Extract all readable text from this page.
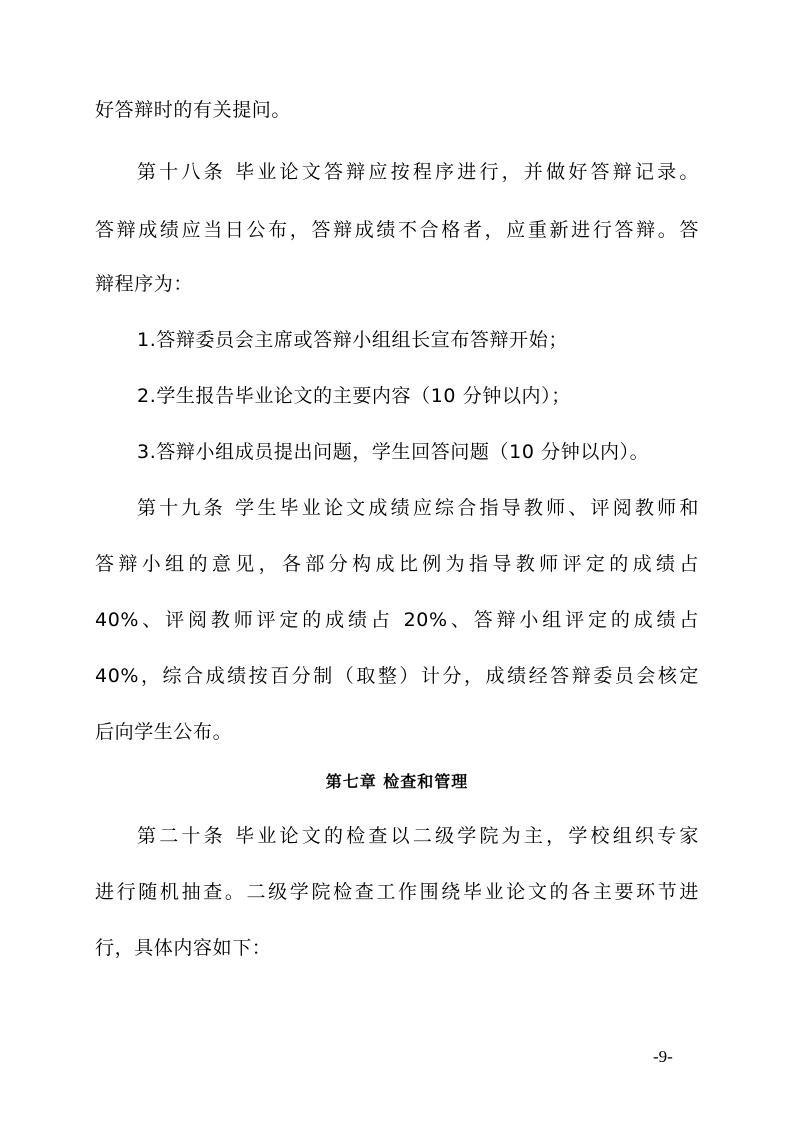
好答辩时的有关提问。
第十八条 毕业论文答辩应按程序进行，并做好答辩记录。
答辩成绩应当日公布，答辩成绩不合格者，应重新进行答辩。答
辩程序为：
1.答辩委员会主席或答辩小组组长宣布答辩开始；
2.学生报告毕业论文的主要内容（10 分钟以内）；
3.答辩小组成员提出问题，学生回答问题（10 分钟以内）。
第十九条 学生毕业论文成绩应综合指导教师、评阅教师和
答辩小组的意见，各部分构成比例为指导教师评定的成绩占
40%、评阅教师评定的成绩占 20%、答辩小组评定的成绩占
40%，综合成绩按百分制（取整）计分，成绩经答辩委员会核定
后向学生公布。
第七章 检查和管理
第二十条 毕业论文的检查以二级学院为主，学校组织专家
进行随机抽查。二级学院检查工作围绕毕业论文的各主要环节进
行，具体内容如下：
-9-
